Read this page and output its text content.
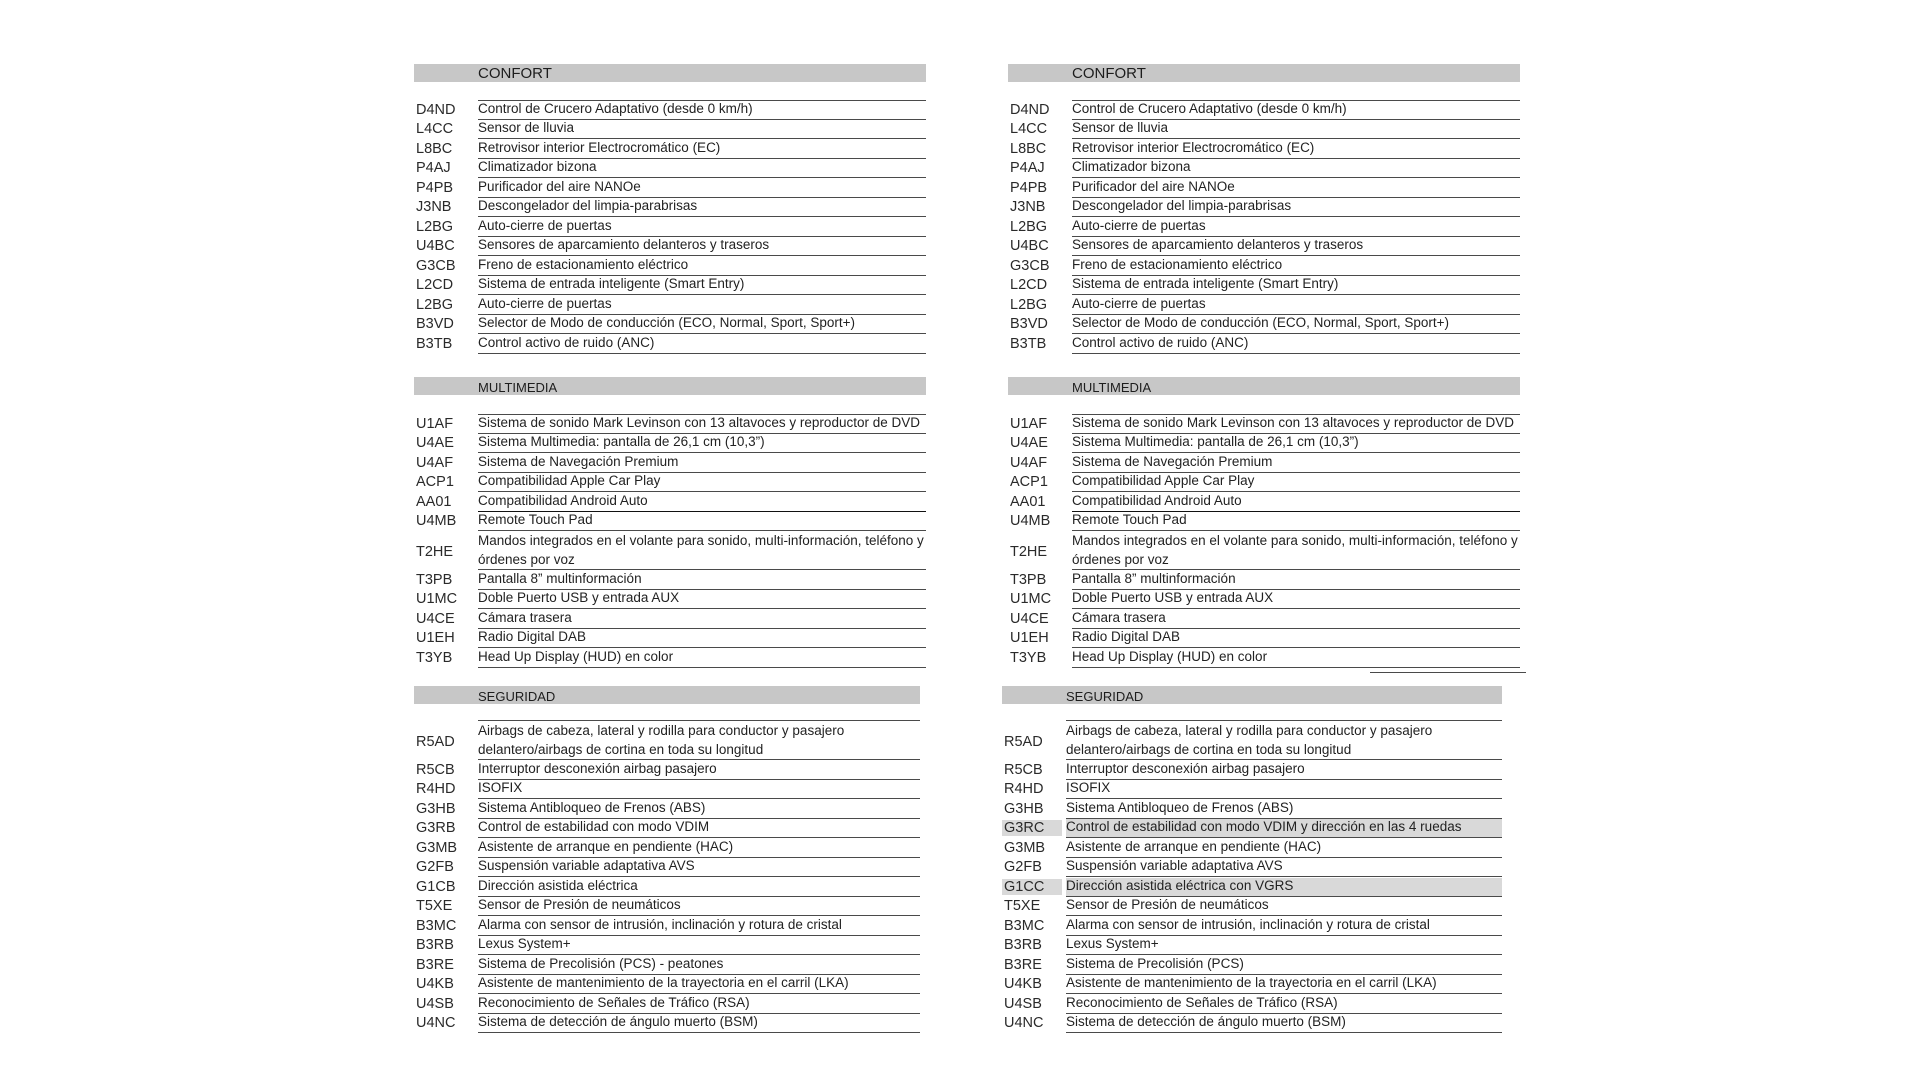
CONFORT
D4ND Control de Crucero Adaptativo (desde 0 km/h)
L4CC Sensor de lluvia
L8BC Retrovisor interior Electrocromático (EC)
P4AJ Climatizador bizona
P4PB Purificador del aire NANOe
J3NB Descongelador del limpia-parabrisas
L2BG Auto-cierre de puertas
U4BC Sensores de aparcamiento delanteros y traseros
G3CB Freno de estacionamiento eléctrico
L2CD Sistema de entrada inteligente (Smart Entry)
L2BG Auto-cierre de puertas
B3VD Selector de Modo de conducción (ECO, Normal, Sport, Sport+)
B3TB Control activo de ruido (ANC)
MULTIMEDIA
U1AF Sistema de sonido Mark Levinson con 13 altavoces y reproductor de DVD
U4AE Sistema Multimedia: pantalla de 26,1 cm (10,3”)
U4AF Sistema de Navegación Premium
ACP1 Compatibilidad Apple Car Play
AA01 Compatibilidad Android Auto
U4MB Remote Touch Pad
T2HE
Mandos integrados en el volante para sonido, multi-información, teléfono y órdenes por voz
T3PB Pantalla 8” multinformación
U1MC Doble Puerto USB y entrada AUX
U4CE Cámara trasera
U1EH Radio Digital DAB
T3YB Head Up Display (HUD) en color
SEGURIDAD
R5AD
Airbags de cabeza, lateral y rodilla para conductor y pasajero delantero/airbags de cortina en toda su longitud
R5CB Interruptor desconexión airbag pasajero
R4HD ISOFIX
G3HB Sistema Antibloqueo de Frenos (ABS)
G3RB Control de estabilidad con modo VDIM
G3MB Asistente de arranque en pendiente (HAC)
G2FB Suspensión variable adaptativa AVS
G1CB Dirección asistida eléctrica
T5XE Sensor de Presión de neumáticos
B3MC Alarma con sensor de intrusión, inclinación y rotura de cristal
B3RB Lexus System+
B3RE Sistema de Precolisión (PCS) - peatones
U4KB Asistente de mantenimiento de la trayectoria en el carril (LKA)
U4SB Reconocimiento de Señales de Tráfico (RSA)
U4NC Sistema de detección de ángulo muerto (BSM)
CONFORT
D4ND Control de Crucero Adaptativo (desde 0 km/h)
L4CC Sensor de lluvia
L8BC Retrovisor interior Electrocromático (EC)
P4AJ Climatizador bizona
P4PB Purificador del aire NANOe
J3NB Descongelador del limpia-parabrisas
L2BG Auto-cierre de puertas
U4BC Sensores de aparcamiento delanteros y traseros
G3CB Freno de estacionamiento eléctrico
L2CD Sistema de entrada inteligente (Smart Entry)
L2BG Auto-cierre de puertas
B3VD Selector de Modo de conducción (ECO, Normal, Sport, Sport+)
B3TB Control activo de ruido (ANC)
MULTIMEDIA
U1AF Sistema de sonido Mark Levinson con 13 altavoces y reproductor de DVD
U4AE Sistema Multimedia: pantalla de 26,1 cm (10,3”)
U4AF Sistema de Navegación Premium
ACP1 Compatibilidad Apple Car Play
AA01 Compatibilidad Android Auto
U4MB Remote Touch Pad
T2HE
Mandos integrados en el volante para sonido, multi-información, teléfono y órdenes por voz
T3PB Pantalla 8” multinformación
U1MC Doble Puerto USB y entrada AUX
U4CE Cámara trasera
U1EH Radio Digital DAB
T3YB Head Up Display (HUD) en color
SEGURIDAD
R5AD
Airbags de cabeza, lateral y rodilla para conductor y pasajero delantero/airbags de cortina en toda su longitud
R5CB Interruptor desconexión airbag pasajero
R4HD ISOFIX
G3HB Sistema Antibloqueo de Frenos (ABS)
G3RC	Control de estabilidad con modo VDIM y dirección en las 4 ruedas
G3MB Asistente de arranque en pendiente (HAC)
G2FB Suspensión variable adaptativa AVS
G1CC	Dirección asistida eléctrica con VGRS
T5XE Sensor de Presión de neumáticos
B3MC Alarma con sensor de intrusión, inclinación y rotura de cristal
B3RB Lexus System+
B3RE Sistema de Precolisión (PCS)
U4KB Asistente de mantenimiento de la trayectoria en el carril (LKA)
U4SB Reconocimiento de Señales de Tráfico (RSA)
U4NC Sistema de detección de ángulo muerto (BSM)
